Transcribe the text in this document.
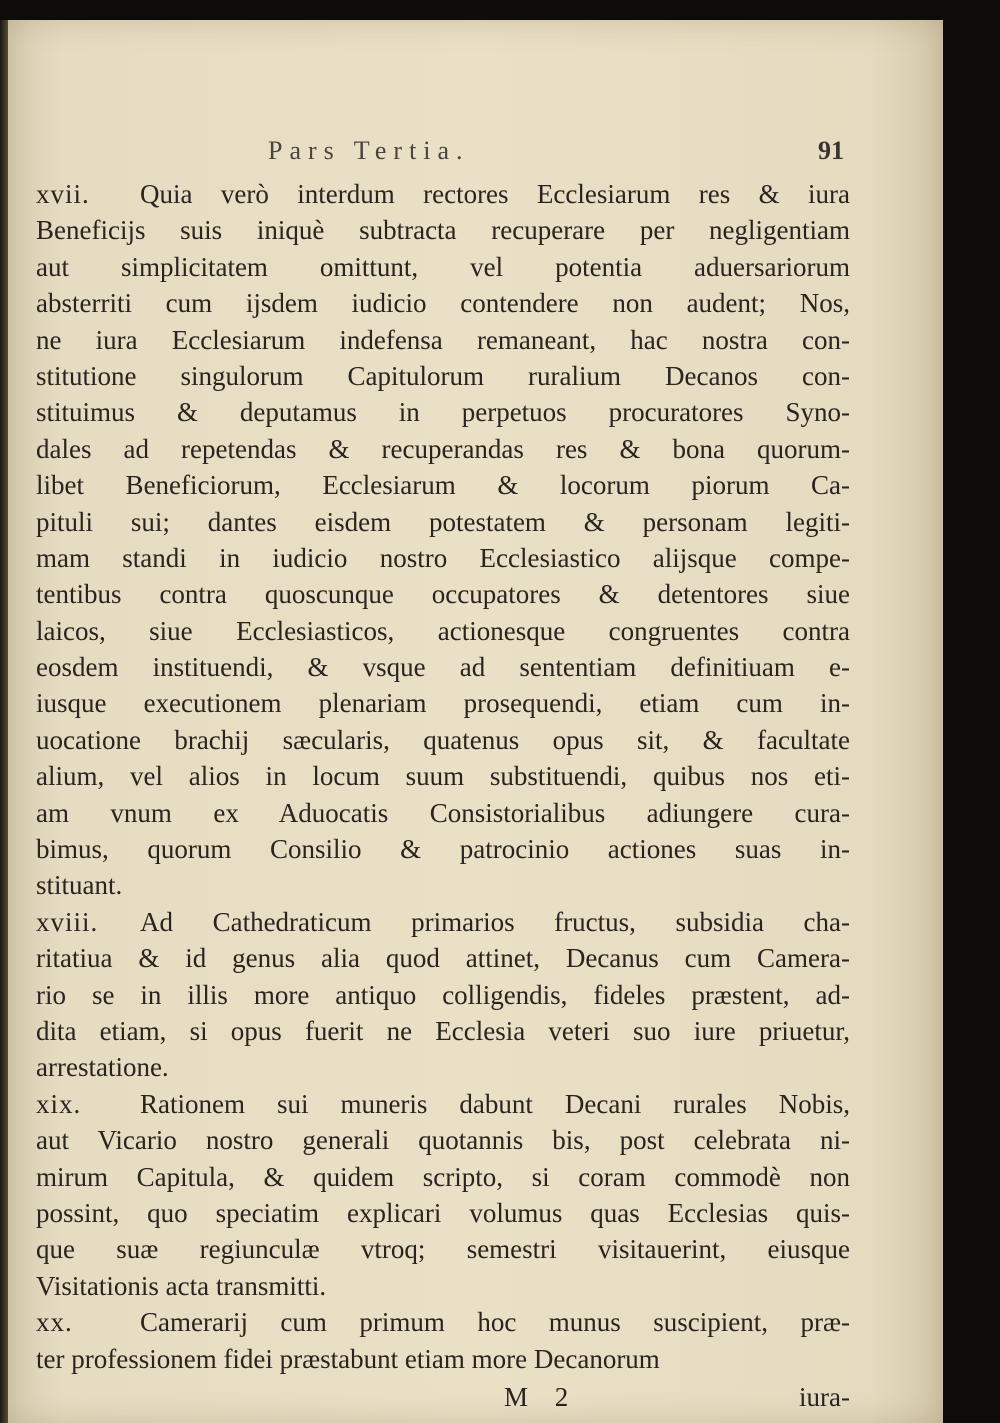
Pars Tertia.	91
xvii. Quia verò interdum rectores Ecclesiarum res & iura
Beneficijs suis iniquè subtracta recuperare per negligentiam
aut simplicitatem omittunt, vel potentia aduersariorum
absterriti cum ijsdem iudicio contendere non audent; Nos,
ne iura Ecclesiarum indefensa remaneant, hac nostra con-
stitutione singulorum Capitulorum ruralium Decanos con-
stituimus & deputamus in perpetuos procuratores Syno-
dales ad repetendas & recuperandas res & bona quorum-
libet Beneficiorum, Ecclesiarum & locorum piorum Ca-
pituli sui; dantes eisdem potestatem & personam legiti-
mam standi in iudicio nostro Ecclesiastico alijsque compe-
tentibus contra quoscunque occupatores & detentores siue
laicos, siue Ecclesiasticos, actionesque congruentes contra
eosdem instituendi, & vsque ad sententiam definitiuam e-
iusque executionem plenariam prosequendi, etiam cum in-
uocatione brachij sæcularis, quatenus opus sit, & facultate
alium, vel alios in locum suum substituendi, quibus nos eti-
am vnum ex Aduocatis Consistorialibus adiungere cura-
bimus, quorum Consilio & patrocinio actiones suas in-
stituant.
xviii. Ad Cathedraticum primarios fructus, subsidia cha-
ritatiua & id genus alia quod attinet, Decanus cum Camera-
rio se in illis more antiquo colligendis, fideles præstent, ad-
dita etiam, si opus fuerit ne Ecclesia veteri suo iure priuetur,
arrestatione.
xix. Rationem sui muneris dabunt Decani rurales Nobis,
aut Vicario nostro generali quotannis bis, post celebrata ni-
mirum Capitula, & quidem scripto, si coram commodè non
possint, quo speciatim explicari volumus quas Ecclesias quis-
que suæ regiunculæ vtroq; semestri visitauerint, eiusque
Visitationis acta transmitti.
xx. Camerarij cum primum hoc munus suscipient, præ-
ter professionem fidei præstabunt etiam more Decanorum
M 2	iura-
